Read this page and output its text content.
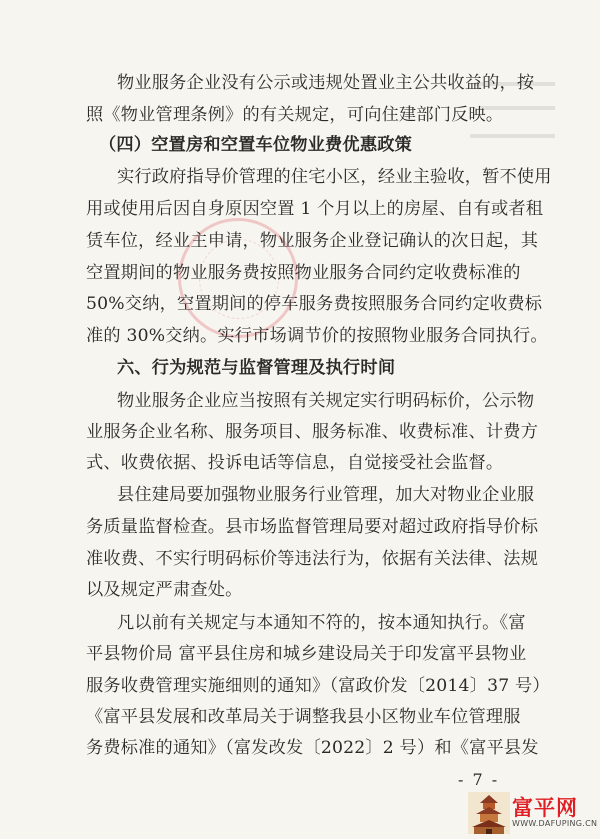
物业服务企业没有公示或违规处置业主公共收益的，按
照《物业管理条例》的有关规定，可向住建部门反映。
（四）空置房和空置车位物业费优惠政策
实行政府指导价管理的住宅小区，经业主验收，暂不使用
用或使用后因自身原因空置 1 个月以上的房屋、自有或者租
赁车位，经业主申请，物业服务企业登记确认的次日起，其
空置期间的物业服务费按照物业服务合同约定收费标准的
50%交纳，空置期间的停车服务费按照服务合同约定收费标
准的 30%交纳。实行市场调节价的按照物业服务合同执行。
六、行为规范与监督管理及执行时间
物业服务企业应当按照有关规定实行明码标价，公示物
业服务企业名称、服务项目、服务标准、收费标准、计费方
式、收费依据、投诉电话等信息，自觉接受社会监督。
县住建局要加强物业服务行业管理，加大对物业企业服
务质量监督检查。县市场监督管理局要对超过政府指导价标
准收费、不实行明码标价等违法行为，依据有关法律、法规
以及规定严肃查处。
凡以前有关规定与本通知不符的，按本通知执行。《富
平县物价局 富平县住房和城乡建设局关于印发富平县物业
服务收费管理实施细则的通知》（富政价发〔2014〕37 号）
《富平县发展和改革局关于调整我县小区物业车位管理服
务费标准的通知》（富发改发〔2022〕2 号）和《富平县发
- 7 -
富平网
WWW.DAFUPING.CN
